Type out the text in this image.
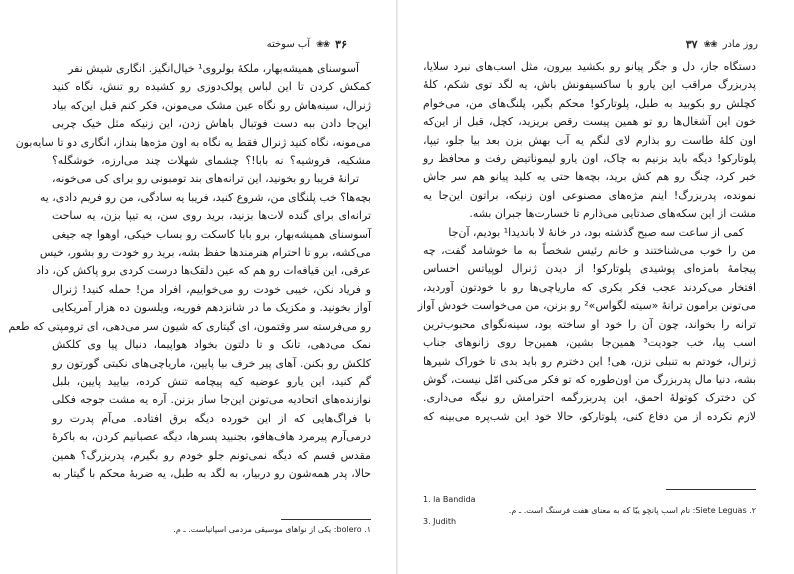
۳۶
❀❀
آب سوخته
آسوسنای همیشه‌بهار، ملکهٔ بولروی¹ خیال‌انگیز. انگاری شیش نفر
کمکش کردن تا این لباس پولک‌دوزی رو کشیده رو تنش، نگاه کنید
ژنرال، سینه‌هاش رو نگاه عین مشک می‌مونن، فکر کنم قبل این‌که بیاد
این‌جا دادن ببه دست فوتبال باهاش زدن، این زنیکه مثل خیک چربی
می‌مونه، نگاه کنید ژنرال فقط یه نگاه به اون مژه‌ها بنداز، انگاری دو تا سایه‌بون
مشکیه، فروشیه؟ نه بابا!؟ چشمای شهلات چند می‌ارزه، خوشگله؟
ترانهٔ فریبا رو بخونید، این ترانه‌های بند تومبونی رو برای کی می‌خونه،
بچه‌ها؟ خب پلنگای من، شروع کنید، فریبا یه سادگی، من رو فریم دادی، یه
ترانه‌ای برای گنده لات‌ها بزنید، برید روی سن، یه تیپا بزن، یه ساحت
آسوسنای همیشه‌بهار، برو بابا کاسکت رو بساب خیکی، اوهوا چه جیغی
می‌کشه، برو تا احترام هنرمندها حفظ بشه، برید رو خودت رو بشور، خیس
عرقی، این قیافه‌ات رو هم که عین دلقک‌ها درست کردی برو پاکش کن، داد
و فریاد نکن، خیبی خودت رو می‌خواییم، افراد من! حمله کنید! ژنرال
آواز بخونید. و مکزیک ما در شانزدهم فوریه، ویلسون ده هزار آمریکایی
رو می‌فرسته سر وقتمون، ای گیتاری که شیون سر می‌دهی، ای ترومپتی که طعم
نمک می‌دهی، تانک و تا دلتون بخواد هواپیما، دنبال پیا وی کلکش
کلکش رو بکنن. آهای پیر خرف بیا پایین، ماریاچی‌های نکبتی گورتون رو
گم کنید، این یارو عوضیه کیه پیچامه تنش کرده، بیایید پایین، بلبل
نوازنده‌های اتحادیه می‌تونن این‌جا ساز بزنن. آره یه مشت جوجه فکلی
با فراگ‌هایی که از این خورده دیگه برق افتاده. می‌آم پدرت رو
درمی‌آرم پیرمرد هاف‌هافو، بجنبید پسرها، دیگه عصبانیم کردن، به باکرهٔ
مقدس قسم که دیگه نمی‌تونم جلو خودم رو بگیرم، پدربزرگ؟ همین
حالا، پدر همه‌شون رو دربیار، به لگد به طبل، یه ضربهٔ محکم با گیتار به
۱. bolero: یکی از نواهای موسیقی مردمی اسپانیاست. ـ م.
۳۷ ❀❀ روز مادر
دستگاه جاز، دل و جگر پیانو رو بکشید بیرون، مثل اسب‌های نبرد سلایا،
پدربزرگ مراقب این یارو با ساکسیفونش باش، یه لگد توی شکم، کلهٔ
کچلش رو بکوبید به طبل، پلوتارکو! محکم بگیر، پلنگ‌های من، می‌خوام
خون این آشغال‌ها رو تو همین پیست رقص بریزید، کچل، قبل از این‌که
اون کلهٔ طاست رو بذارم لای لنگم یه آب بهش بزن بعد بیا جلو، تیپا،
پلوتارکو! دیگه باید بزنیم به چاک، اون یارو لیموناتیض رفت و محافظ رو
خبر کرد، چنگ رو هم کش برید، بچه‌ها حتی یه کلید پیانو هم سر جاش
نمونده، پدربزرگ! اینم مژه‌های مصنوعی اون زنیکه، براتون این‌جا یه
مشت از این سکه‌های صدتایی می‌ذارم تا خسارت‌ها جبران بشه.
کمی از ساعت سه صبح گذشته بود، در خانهٔ لا باندیدا¹ بودیم، آن‌جا
من را خوب می‌شناختند و خانم رئیس شخصاً به ما خوشامد گفت، چه
پیجامهٔ بامزه‌ای پوشیدی پلوتارکو! از دیدن ژنرال لوپیاتس احساس
افتخار می‌کردند عجب فکر بکری که ماریاچی‌ها رو با خودتون آوردید،
می‌تونن برامون ترانهٔ «سیته لگواس»² رو بزنن، من می‌خواست خودش آواز
ترانه را بخواند، چون آن را خود او ساخته بود، سینه‌نگوای محبوب‌ترین
اسب پیا، خب جودیت³ همین‌جا بشین، همین‌جا روی زانوهای جناب
ژنرال، خودتم به تنبلی نزن، هی! این دخترم رو باید بدی تا خوراک شیرها
بشه، دنیا مال پدربزرگ من اون‌طوره که تو فکر می‌کنی امّل نیست، گوش
کن دخترک کوتولهٔ احمق، این پدربزرگمه احترامش رو نیگه می‌داری.
لازم نکرده از من دفاع کنی، پلوتارکو، حالا خود این شب‌پره می‌بینه که
1. la Bandida
۲. Siete Leguas: نام اسب پانچو ییّا که به معنای هفت فرسنگ است. ـ م.
3. Judith
